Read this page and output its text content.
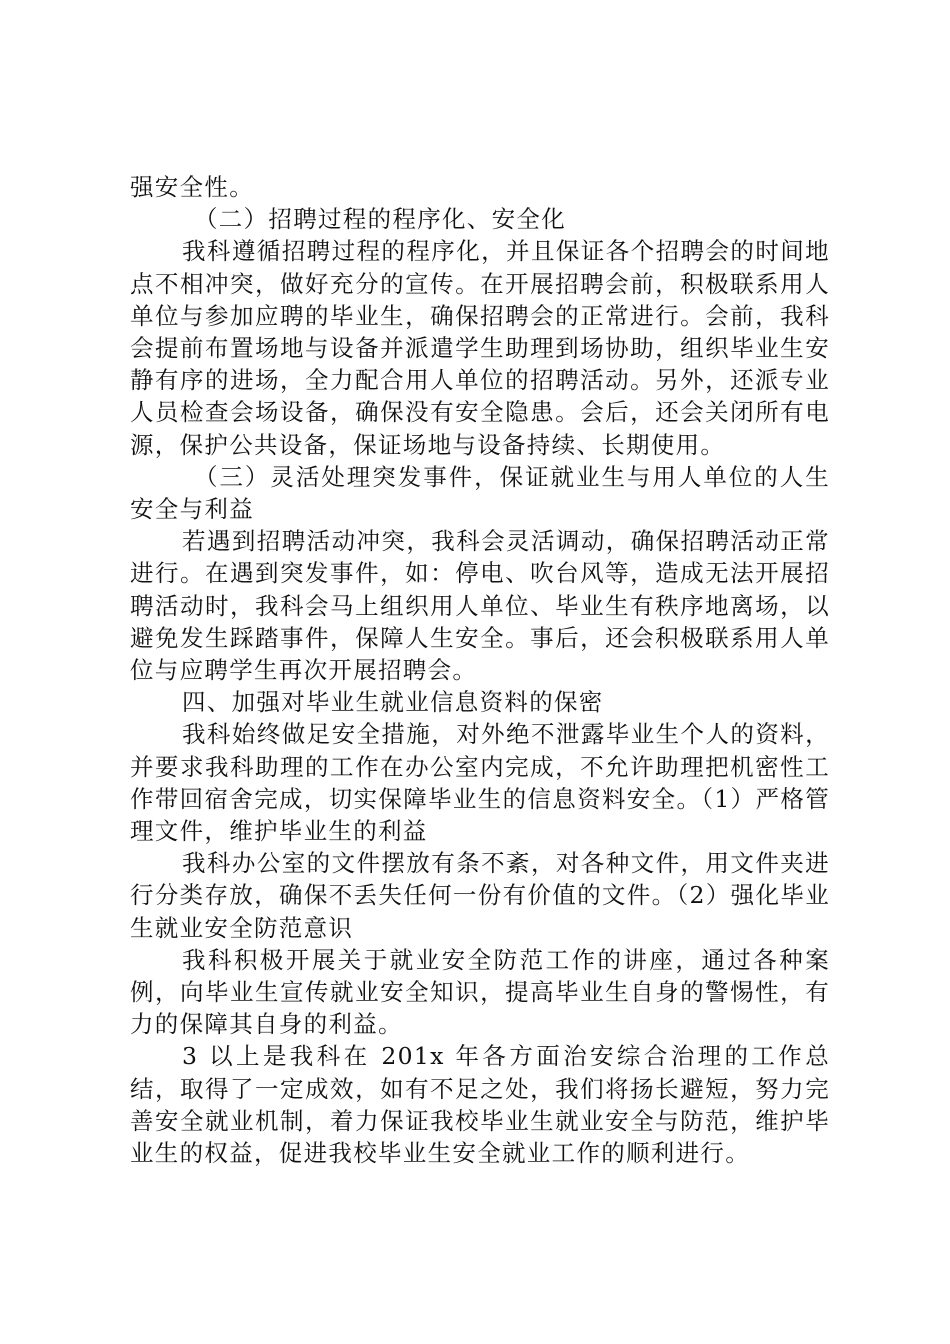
强安全性。

（二）招聘过程的程序化、安全化

我科遵循招聘过程的程序化，并且保证各个招聘会的时间地点不相冲突，做好充分的宣传。在开展招聘会前，积极联系用人单位与参加应聘的毕业生，确保招聘会的正常进行。会前，我科会提前布置场地与设备并派遣学生助理到场协助，组织毕业生安静有序的进场，全力配合用人单位的招聘活动。另外，还派专业人员检查会场设备，确保没有安全隐患。会后，还会关闭所有电源，保护公共设备，保证场地与设备持续、长期使用。

（三）灵活处理突发事件，保证就业生与用人单位的人生安全与利益

若遇到招聘活动冲突，我科会灵活调动，确保招聘活动正常进行。在遇到突发事件，如：停电、吹台风等，造成无法开展招聘活动时，我科会马上组织用人单位、毕业生有秩序地离场，以避免发生踩踏事件，保障人生安全。事后，还会积极联系用人单位与应聘学生再次开展招聘会。

四、加强对毕业生就业信息资料的保密

我科始终做足安全措施，对外绝不泄露毕业生个人的资料，并要求我科助理的工作在办公室内完成，不允许助理把机密性工作带回宿舍完成，切实保障毕业生的信息资料安全。（1）严格管理文件，维护毕业生的利益

我科办公室的文件摆放有条不紊，对各种文件，用文件夹进行分类存放，确保不丢失任何一份有价值的文件。（2）强化毕业生就业安全防范意识

我科积极开展关于就业安全防范工作的讲座，通过各种案例，向毕业生宣传就业安全知识，提高毕业生自身的警惕性，有力的保障其自身的利益。

3 以上是我科在 201x 年各方面治安综合治理的工作总结，取得了一定成效，如有不足之处，我们将扬长避短，努力完善安全就业机制，着力保证我校毕业生就业安全与防范，维护毕业生的权益，促进我校毕业生安全就业工作的顺利进行。
